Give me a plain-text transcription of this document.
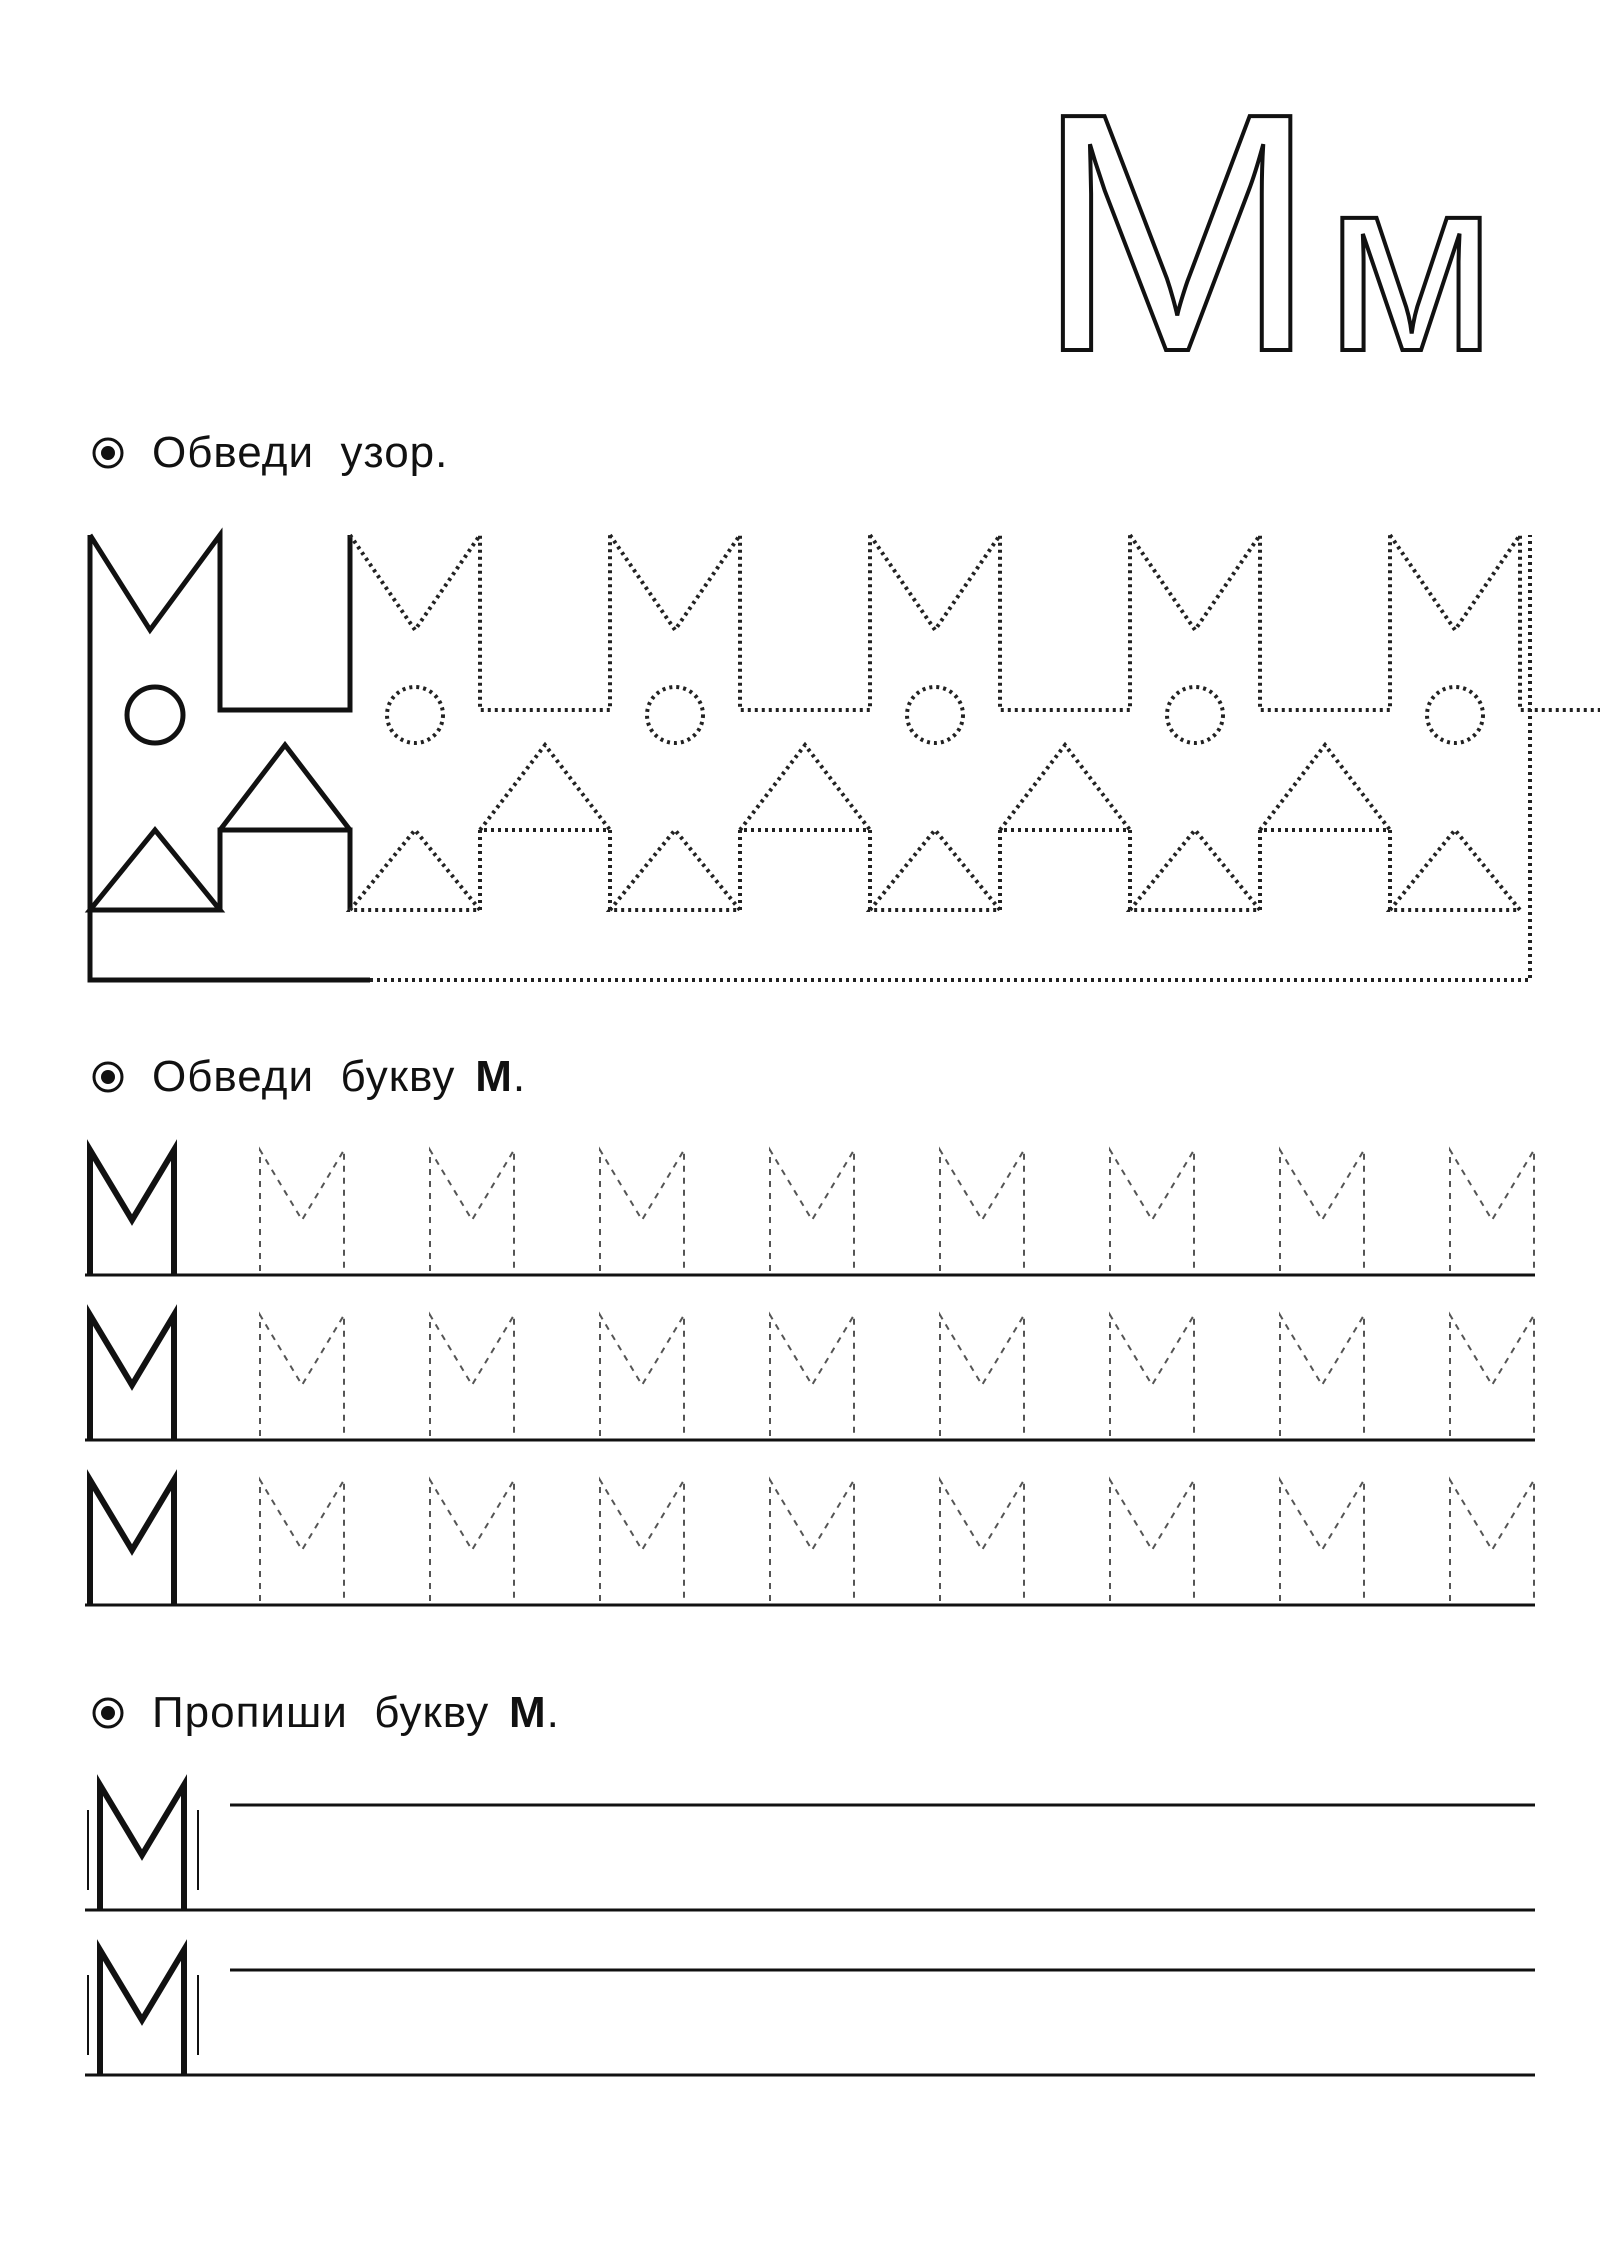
М м
Обведи  узор.
Обведи  букву М .
Пропиши  букву М .
